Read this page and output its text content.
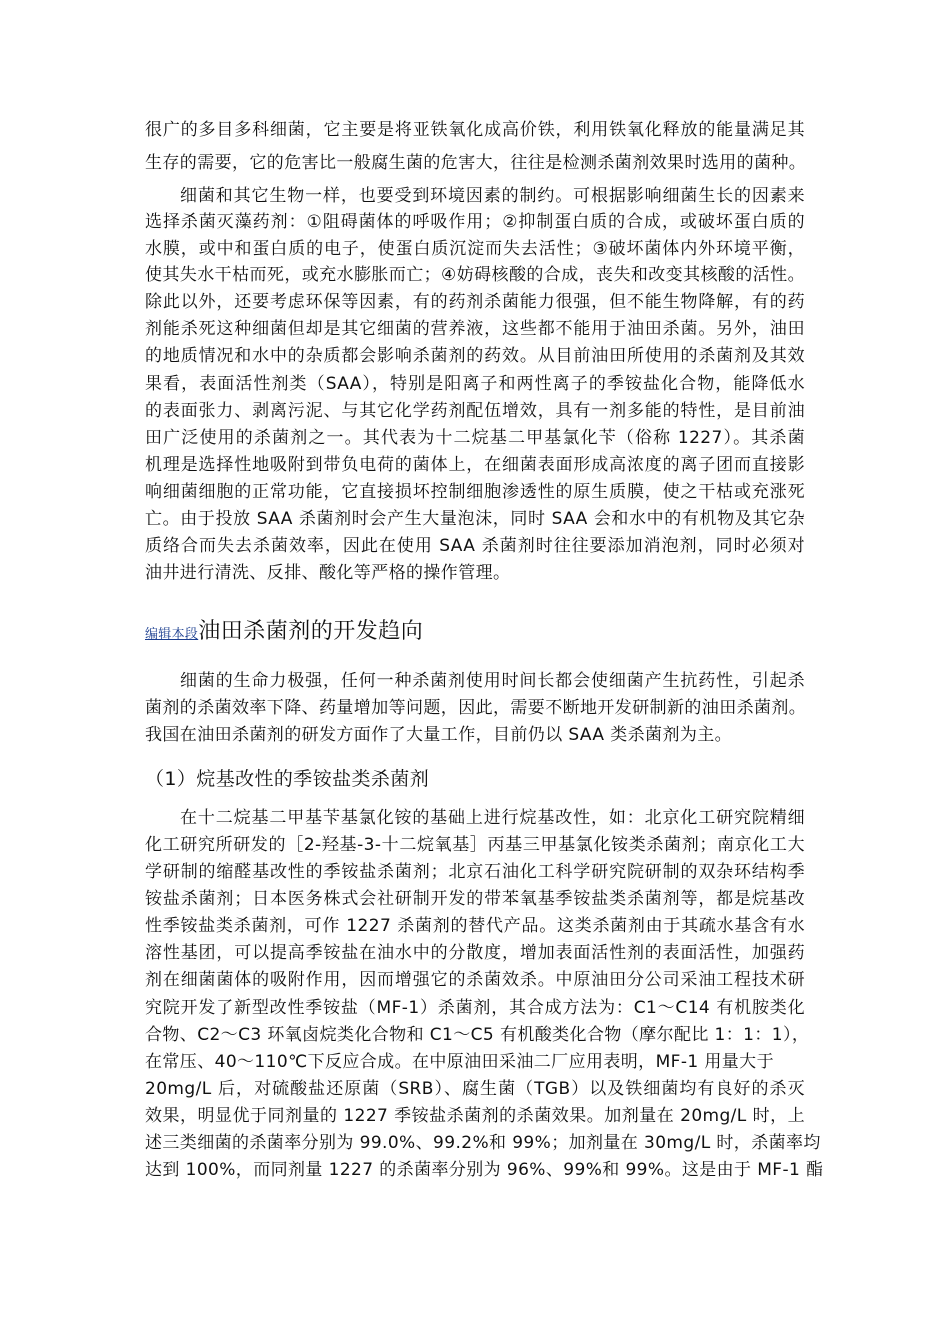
很广的多目多科细菌，它主要是将亚铁氧化成高价铁，利用铁氧化释放的能量满足其
生存的需要，它的危害比一般腐生菌的危害大，往往是检测杀菌剂效果时选用的菌种。
细菌和其它生物一样，也要受到环境因素的制约。可根据影响细菌生长的因素来
选择杀菌灭藻药剂：①阻碍菌体的呼吸作用；②抑制蛋白质的合成，或破坏蛋白质的
水膜，或中和蛋白质的电子，使蛋白质沉淀而失去活性；③破坏菌体内外环境平衡，
使其失水干枯而死，或充水膨胀而亡；④妨碍核酸的合成，丧失和改变其核酸的活性。
除此以外，还要考虑环保等因素，有的药剂杀菌能力很强，但不能生物降解，有的药
剂能杀死这种细菌但却是其它细菌的营养液，这些都不能用于油田杀菌。另外，油田
的地质情况和水中的杂质都会影响杀菌剂的药效。从目前油田所使用的杀菌剂及其效
果看，表面活性剂类（SAA），特别是阳离子和两性离子的季铵盐化合物，能降低水
的表面张力、剥离污泥、与其它化学药剂配伍增效，具有一剂多能的特性，是目前油
田广泛使用的杀菌剂之一。其代表为十二烷基二甲基氯化苄（俗称 1227）。其杀菌
机理是选择性地吸附到带负电荷的菌体上，在细菌表面形成高浓度的离子团而直接影
响细菌细胞的正常功能，它直接损坏控制细胞渗透性的原生质膜，使之干枯或充涨死
亡。由于投放 SAA 杀菌剂时会产生大量泡沫，同时 SAA 会和水中的有机物及其它杂
质络合而失去杀菌效率，因此在使用 SAA 杀菌剂时往往要添加消泡剂，同时必须对
油井进行清洗、反排、酸化等严格的操作管理。
编辑本段油田杀菌剂的开发趋向
细菌的生命力极强，任何一种杀菌剂使用时间长都会使细菌产生抗药性，引起杀
菌剂的杀菌效率下降、药量增加等问题，因此，需要不断地开发研制新的油田杀菌剂。
我国在油田杀菌剂的研发方面作了大量工作，目前仍以 SAA 类杀菌剂为主。
（1）烷基改性的季铵盐类杀菌剂
在十二烷基二甲基苄基氯化铵的基础上进行烷基改性，如：北京化工研究院精细
化工研究所研发的［2-羟基-3-十二烷氧基］丙基三甲基氯化铵类杀菌剂；南京化工大
学研制的缩醛基改性的季铵盐杀菌剂；北京石油化工科学研究院研制的双杂环结构季
铵盐杀菌剂；日本医务株式会社研制开发的带苯氧基季铵盐类杀菌剂等，都是烷基改
性季铵盐类杀菌剂，可作 1227 杀菌剂的替代产品。这类杀菌剂由于其疏水基含有水
溶性基团，可以提高季铵盐在油水中的分散度，增加表面活性剂的表面活性，加强药
剂在细菌菌体的吸附作用，因而增强它的杀菌效杀。中原油田分公司采油工程技术研
究院开发了新型改性季铵盐（MF-1）杀菌剂，其合成方法为：C1～C14 有机胺类化
合物、C2～C3 环氧卤烷类化合物和 C1～C5 有机酸类化合物（摩尔配比 1：1：1），
在常压、40～110℃下反应合成。在中原油田采油二厂应用表明，MF-1 用量大于
20mg/L 后，对硫酸盐还原菌（SRB）、腐生菌（TGB）以及铁细菌均有良好的杀灭
效果，明显优于同剂量的 1227 季铵盐杀菌剂的杀菌效果。加剂量在 20mg/L 时，上
述三类细菌的杀菌率分别为 99.0%、99.2%和 99%；加剂量在 30mg/L 时，杀菌率均
达到 100%，而同剂量 1227 的杀菌率分别为 96%、99%和 99%。这是由于 MF-1 酯
